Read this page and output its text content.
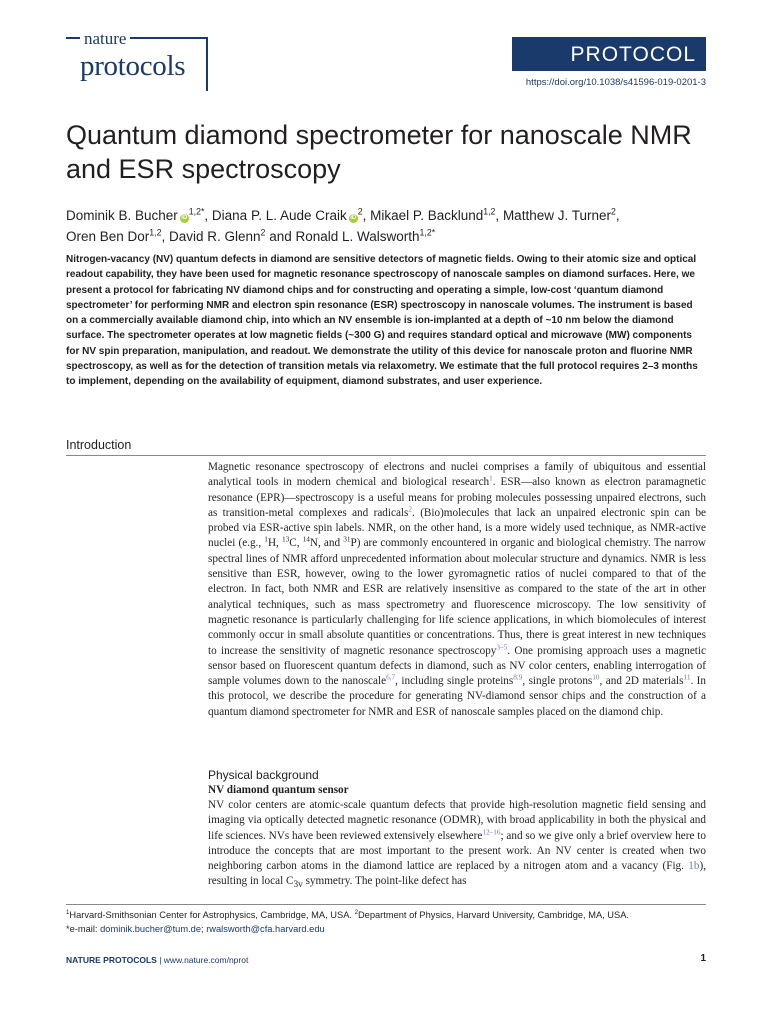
nature
protocols	PROTOCOL
https://doi.org/10.1038/s41596-019-0201-3
Quantum diamond spectrometer for nanoscale NMR and ESR spectroscopy
Dominik B. Bucher $iD^{1,2*}$, Diana P. L. Aude Craik $iD^2$, Mikael P. Backlund$^{1,2}$, Matthew J. Turner$^2$,
Oren Ben Dor$^{1,2}$, David R. Glenn$^2$ and Ronald L. Walsworth$^{1,2*}$
Nitrogen-vacancy (NV) quantum defects in diamond are sensitive detectors of magnetic fields. Owing to their atomic size and optical readout capability, they have been used for magnetic resonance spectroscopy of nanoscale samples on diamond surfaces. Here, we present a protocol for fabricating NV diamond chips and for constructing and operating a simple, low-cost ‘quantum diamond spectrometer’ for performing NMR and electron spin resonance (ESR) spectroscopy in nanoscale volumes. The instrument is based on a commercially available diamond chip, into which an NV ensemble is ion-implanted at a depth of ~10 nm below the diamond surface. The spectrometer operates at low magnetic fields (~300 G) and requires standard optical and microwave (MW) components for NV spin preparation, manipulation, and readout. We demonstrate the utility of this device for nanoscale proton and fluorine NMR spectroscopy, as well as for the detection of transition metals via relaxometry. We estimate that the full protocol requires 2–3 months to implement, depending on the availability of equipment, diamond substrates, and user experience.
Introduction
Magnetic resonance spectroscopy of electrons and nuclei comprises a family of ubiquitous and essential analytical tools in modern chemical and biological research$^1$. ESR—also known as electron paramagnetic resonance (EPR)—spectroscopy is a useful means for probing molecules possessing unpaired electrons, such as transition-metal complexes and radicals$^2$. (Bio)molecules that lack an unpaired electronic spin can be probed via ESR-active spin labels. NMR, on the other hand, is a more widely used technique, as NMR-active nuclei (e.g., $^1$H, $^{13}$C, $^{14}$N, and $^{31}$P) are commonly encountered in organic and biological chemistry. The narrow spectral lines of NMR afford unprecedented information about molecular structure and dynamics. NMR is less sensitive than ESR, however, owing to the lower gyromagnetic ratios of nuclei compared to that of the electron. In fact, both NMR and ESR are relatively insensitive as compared to the state of the art in other analytical techniques, such as mass spectrometry and fluorescence microscopy. The low sensitivity of magnetic resonance is particularly challenging for life science applications, in which biomolecules of interest commonly occur in small absolute quantities or concentrations. Thus, there is great interest in new techniques to increase the sensitivity of magnetic resonance spectroscopy$^{3-5}$. One promising approach uses a magnetic sensor based on fluorescent quantum defects in diamond, such as NV color centers, enabling interrogation of sample volumes down to the nanoscale$^{6,7}$, including single proteins$^{8,9}$, single protons$^{10}$, and 2D materials$^{11}$. In this protocol, we describe the procedure for generating NV-diamond sensor chips and the construction of a quantum diamond spectrometer for NMR and ESR of nanoscale samples placed on the diamond chip.
Physical background
NV diamond quantum sensor
NV color centers are atomic-scale quantum defects that provide high-resolution magnetic field sensing and imaging via optically detected magnetic resonance (ODMR), with broad applicability in both the physical and life sciences. NVs have been reviewed extensively elsewhere$^{12-16}$; and so we give only a brief overview here to introduce the concepts that are most important to the present work. An NV center is created when two neighboring carbon atoms in the diamond lattice are replaced by a nitrogen atom and a vacancy (Fig. 1b), resulting in local $C_{3v}$ symmetry. The point-like defect has
$^1$Harvard-Smithsonian Center for Astrophysics, Cambridge, MA, USA. $^2$Department of Physics, Harvard University, Cambridge, MA, USA.
*e-mail: dominik.bucher@tum.de; rwalsworth@cfa.harvard.edu
NATURE PROTOCOLS | www.nature.com/nprot	1
